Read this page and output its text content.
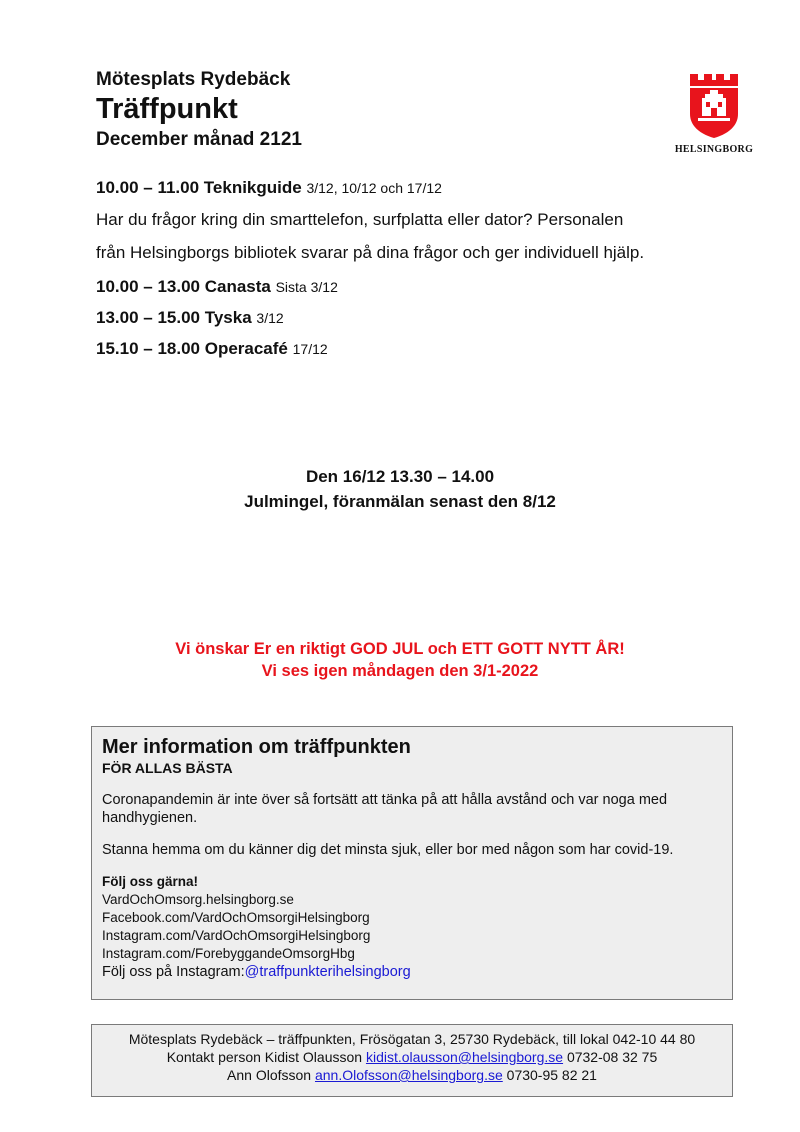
Mötesplats Rydebäck
Träffpunkt
December månad 2121	HELSINGBORG
10.00 – 11.00 Teknikguide 3/12, 10/12 och 17/12
Har du frågor kring din smarttelefon, surfplatta eller dator? Personalen
från Helsingborgs bibliotek svarar på dina frågor och ger individuell hjälp.
10.00 – 13.00 Canasta Sista 3/12
13.00 – 15.00 Tyska 3/12
15.10 – 18.00 Operacafé 17/12
Den 16/12 13.30 – 14.00
Julmingel, föranmälan senast den 8/12
Vi önskar Er en riktigt GOD JUL och ETT GOTT NYTT ÅR!
Vi ses igen måndagen den 3/1-2022
Mer information om träffpunkten
FÖR ALLAS BÄSTA
Coronapandemin är inte över så fortsätt att tänka på att hålla avstånd och var noga med handhygienen.
Stanna hemma om du känner dig det minsta sjuk, eller bor med någon som har covid-19.
Följ oss gärna!
VardOchOmsorg.helsingborg.se
Facebook.com/VardOchOmsorgiHelsingborg
Instagram.com/VardOchOmsorgiHelsingborg
Instagram.com/ForebyggandeOmsorgHbg
Följ oss på Instagram:@traffpunkterihelsingborg
Mötesplats Rydebäck – träffpunkten, Frösögatan 3, 25730 Rydebäck, till lokal 042-10 44 80
Kontakt person Kidist Olausson kidist.olausson@helsingborg.se 0732-08 32 75
Ann Olofsson ann.Olofsson@helsingborg.se 0730-95 82 21
